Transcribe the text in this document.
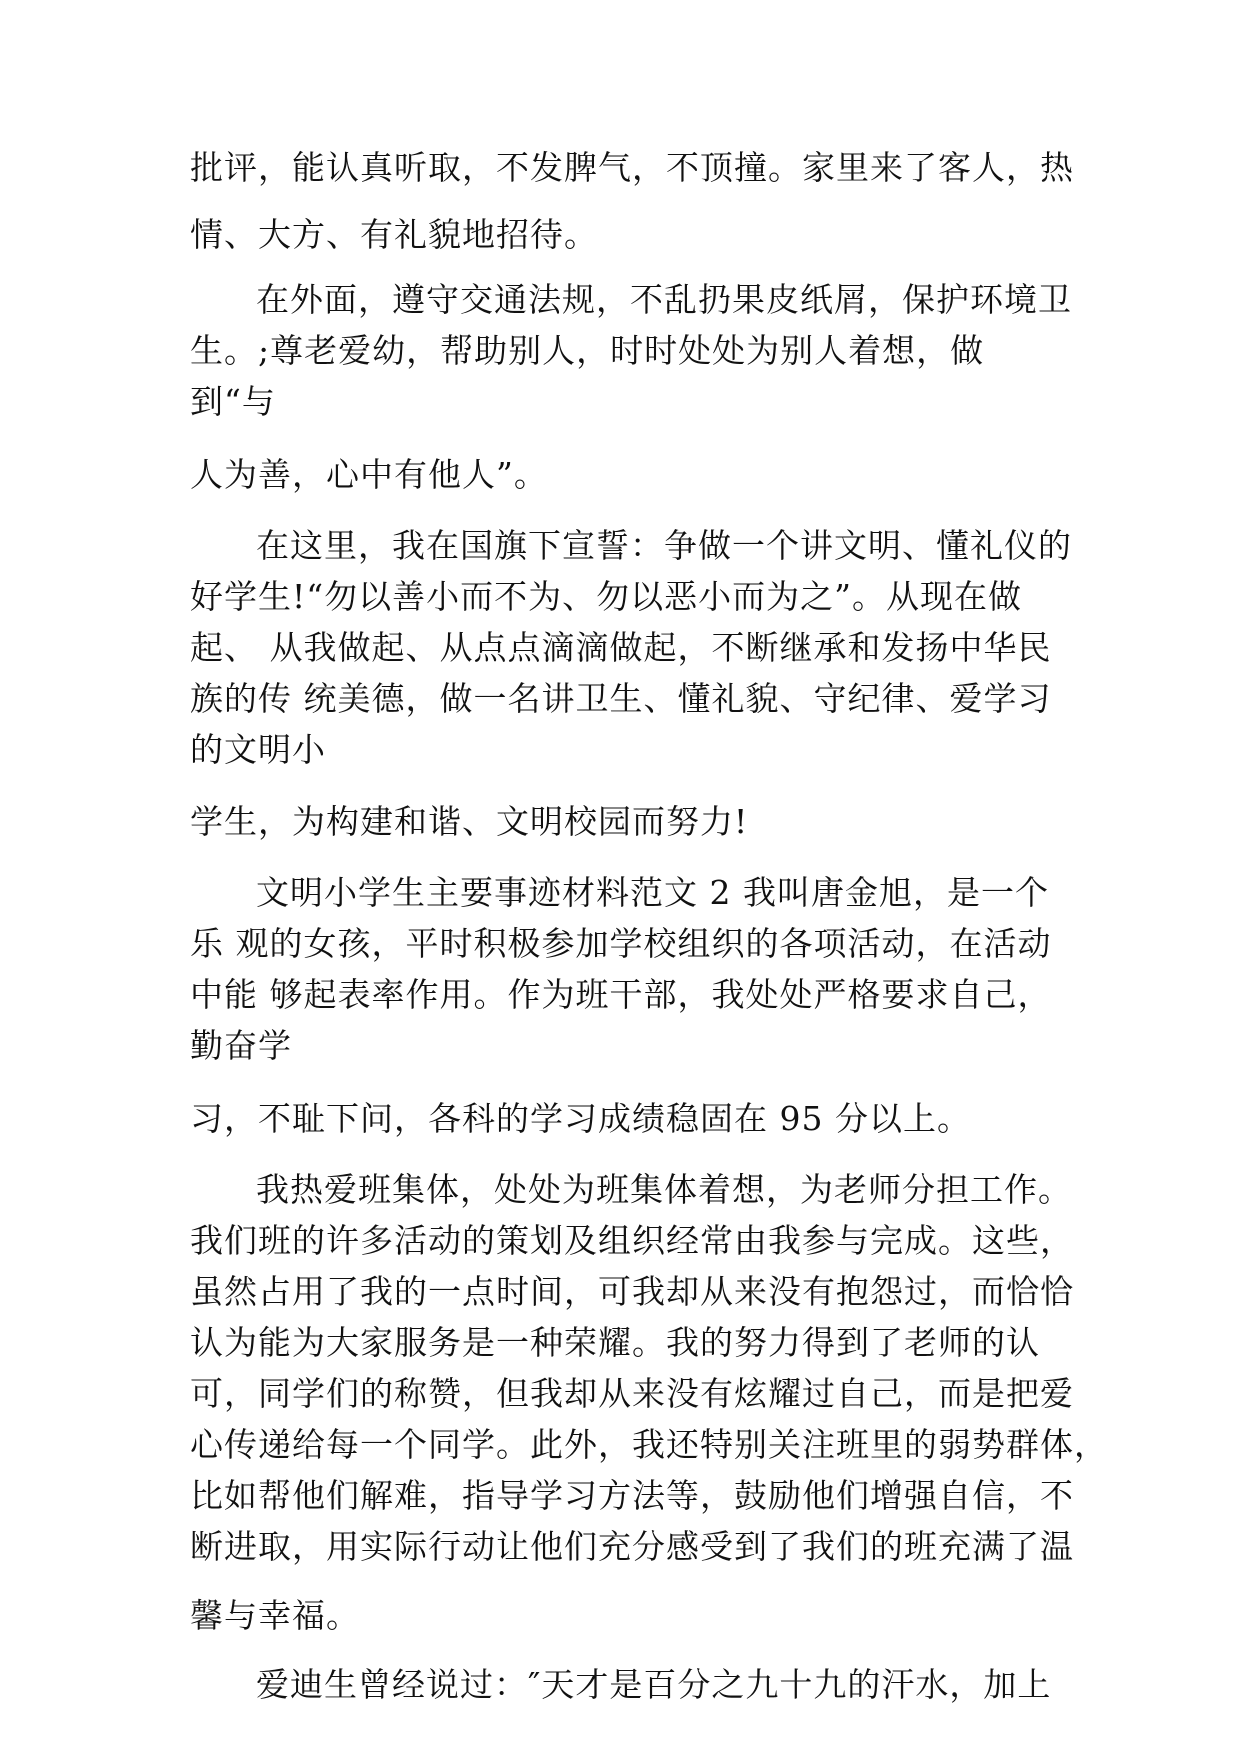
批评，能认真听取，不发脾气，不顶撞。家里来了客人，热
情、大方、有礼貌地招待。
在外面，遵守交通法规，不乱扔果皮纸屑，保护环境卫
生。;尊老爱幼，帮助别人，时时处处为别人着想，做
到“与
人为善，心中有他人”。
在这里，我在国旗下宣誓：争做一个讲文明、懂礼仪的
好学生!“勿以善小而不为、勿以恶小而为之”。从现在做
起、 从我做起、从点点滴滴做起，不断继承和发扬中华民
族的传 统美德，做一名讲卫生、懂礼貌、守纪律、爱学习
的文明小
学生，为构建和谐、文明校园而努力!
文明小学生主要事迹材料范文 2 我叫唐金旭，是一个
乐 观的女孩，平时积极参加学校组织的各项活动，在活动
中能 够起表率作用。作为班干部，我处处严格要求自己，
勤奋学
习，不耻下问，各科的学习成绩稳固在 95 分以上。
我热爱班集体，处处为班集体着想，为老师分担工作。
我们班的许多活动的策划及组织经常由我参与完成。这些，
虽然占用了我的一点时间，可我却从来没有抱怨过，而恰恰
认为能为大家服务是一种荣耀。我的努力得到了老师的认
可，同学们的称赞，但我却从来没有炫耀过自己，而是把爱
心传递给每一个同学。此外，我还特别关注班里的弱势群体，
比如帮他们解难，指导学习方法等，鼓励他们增强自信，不
断进取，用实际行动让他们充分感受到了我们的班充满了温
馨与幸福。
爱迪生曾经说过：″天才是百分之九十九的汗水，加上
